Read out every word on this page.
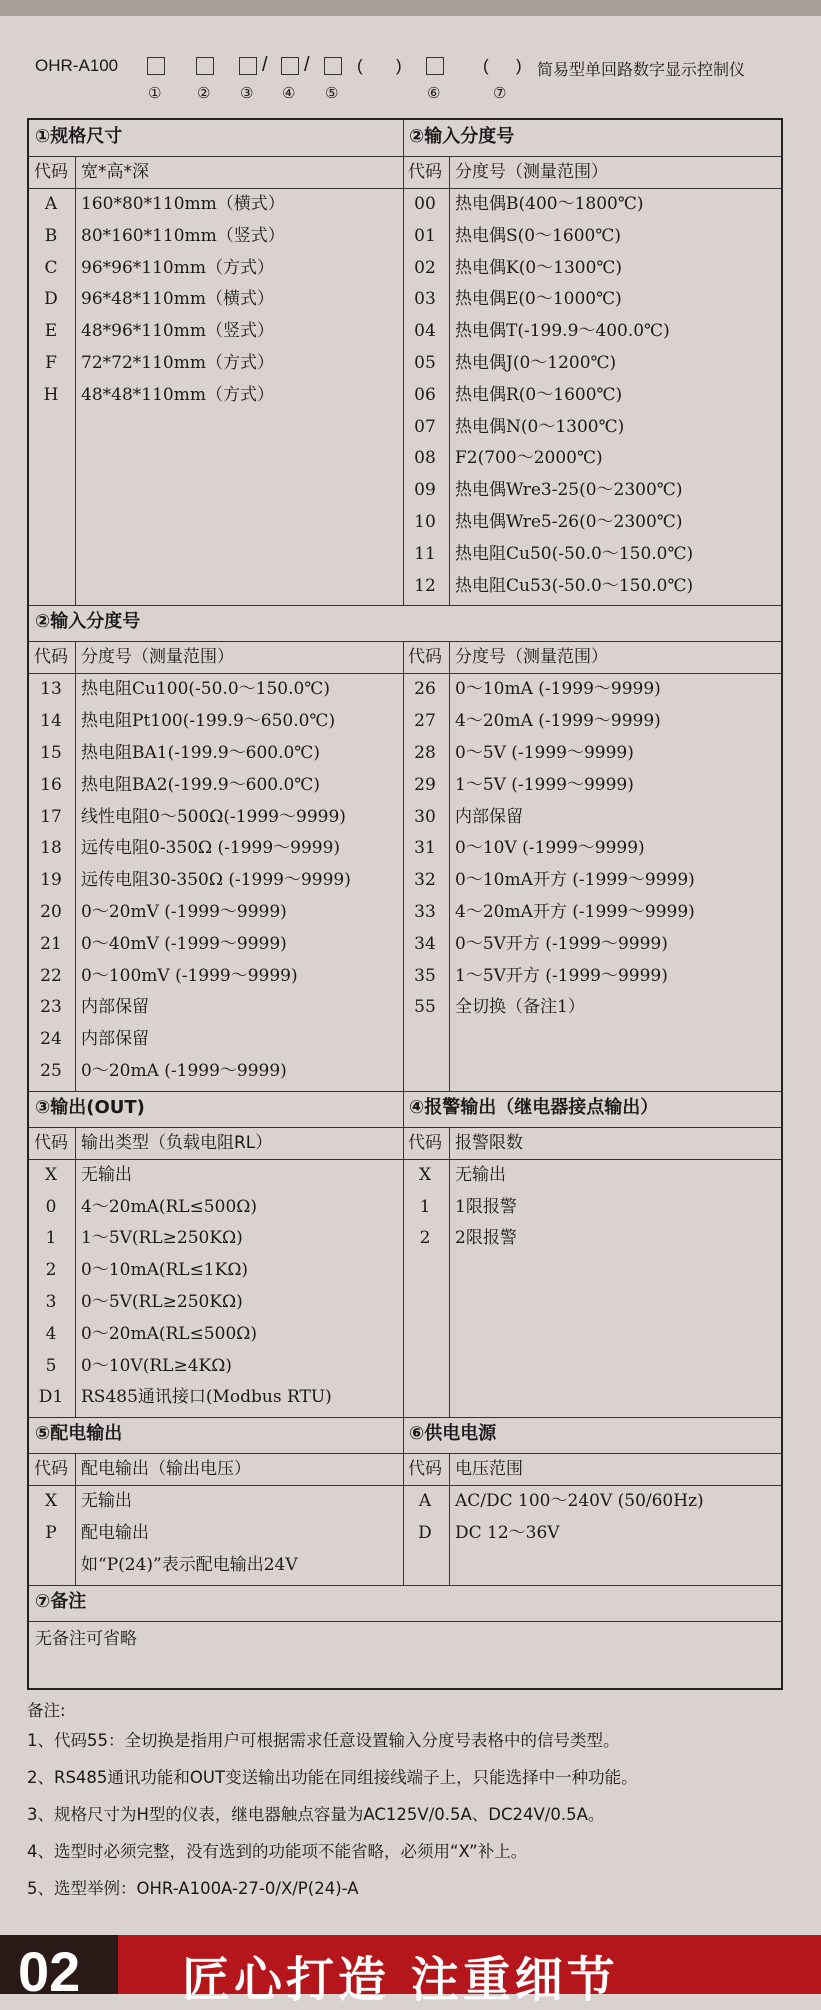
OHR-A100	/ /	( )	( ) 简易型单回路数字显示控制仪
① ② ③ ④ ⑤	⑥	⑦
①规格尺寸	②输入分度号
代码 宽*高*深	代码 分度号（测量范围）
A	160*80*110mm（横式）
B	80*160*110mm（竖式）
C	96*96*110mm（方式）
D	96*48*110mm（横式）
E	48*96*110mm（竖式）
F	72*72*110mm（方式）
H	48*48*110mm（方式）
00	热电偶B(400～1800℃)
01	热电偶S(0～1600℃)
02	热电偶K(0～1300℃)
03	热电偶E(0～1000℃)
04	热电偶T(-199.9～400.0℃)
05	热电偶J(0～1200℃)
06	热电偶R(0～1600℃)
07	热电偶N(0～1300℃)
08	F2(700～2000℃)
09	热电偶Wre3-25(0～2300℃)
10	热电偶Wre5-26(0～2300℃)
11	热电阻Cu50(-50.0～150.0℃)
12	热电阻Cu53(-50.0～150.0℃)
②输入分度号
代码 分度号（测量范围）	代码 分度号（测量范围）
13	热电阻Cu100(-50.0～150.0℃)
14	热电阻Pt100(-199.9～650.0℃)
15	热电阻BA1(-199.9～600.0℃)
16	热电阻BA2(-199.9～600.0℃)
17	线性电阻0～500Ω(-1999～9999)
18	远传电阻0-350Ω (-1999～9999)
19	远传电阻30-350Ω (-1999～9999)
20	0～20mV (-1999～9999)
21	0～40mV (-1999～9999)
22	0～100mV (-1999～9999)
23	内部保留
24	内部保留
25	0～20mA (-1999～9999)
26	0～10mA (-1999～9999)
27	4～20mA (-1999～9999)
28	0～5V (-1999～9999)
29	1～5V (-1999～9999)
30	内部保留
31	0～10V (-1999～9999)
32	0～10mA开方 (-1999～9999)
33	4～20mA开方 (-1999～9999)
34	0～5V开方 (-1999～9999)
35	1～5V开方 (-1999～9999)
55	全切换（备注1）
③输出(OUT)	④报警输出（继电器接点输出）
代码 输出类型（负载电阻RL）	代码 报警限数
X	无输出
0	4～20mA(RL≤500Ω)
1	1～5V(RL≥250KΩ)
2	0～10mA(RL≤1KΩ)
3	0～5V(RL≥250KΩ)
4	0～20mA(RL≤500Ω)
5	0～10V(RL≥4KΩ)
D1	RS485通讯接口(Modbus RTU)
X	无输出
1	1限报警
2	2限报警
⑤配电输出	⑥供电电源
代码 配电输出（输出电压）	代码 电压范围
X	无输出
P	配电输出
如“P(24)”表示配电输出24V
A	AC/DC 100～240V (50/60Hz)
D	DC 12～36V
⑦备注
无备注可省略
备注:
1、代码55：全切换是指用户可根据需求任意设置输入分度号表格中的信号类型。
2、RS485通讯功能和OUT变送输出功能在同组接线端子上，只能选择中一种功能。
3、规格尺寸为H型的仪表，继电器触点容量为AC125V/0.5A、DC24V/0.5A。
4、选型时必须完整，没有选到的功能项不能省略，必须用“X”补上。
5、选型举例：OHR-A100A-27-0/X/P(24)-A
02 匠心打造 注重细节
